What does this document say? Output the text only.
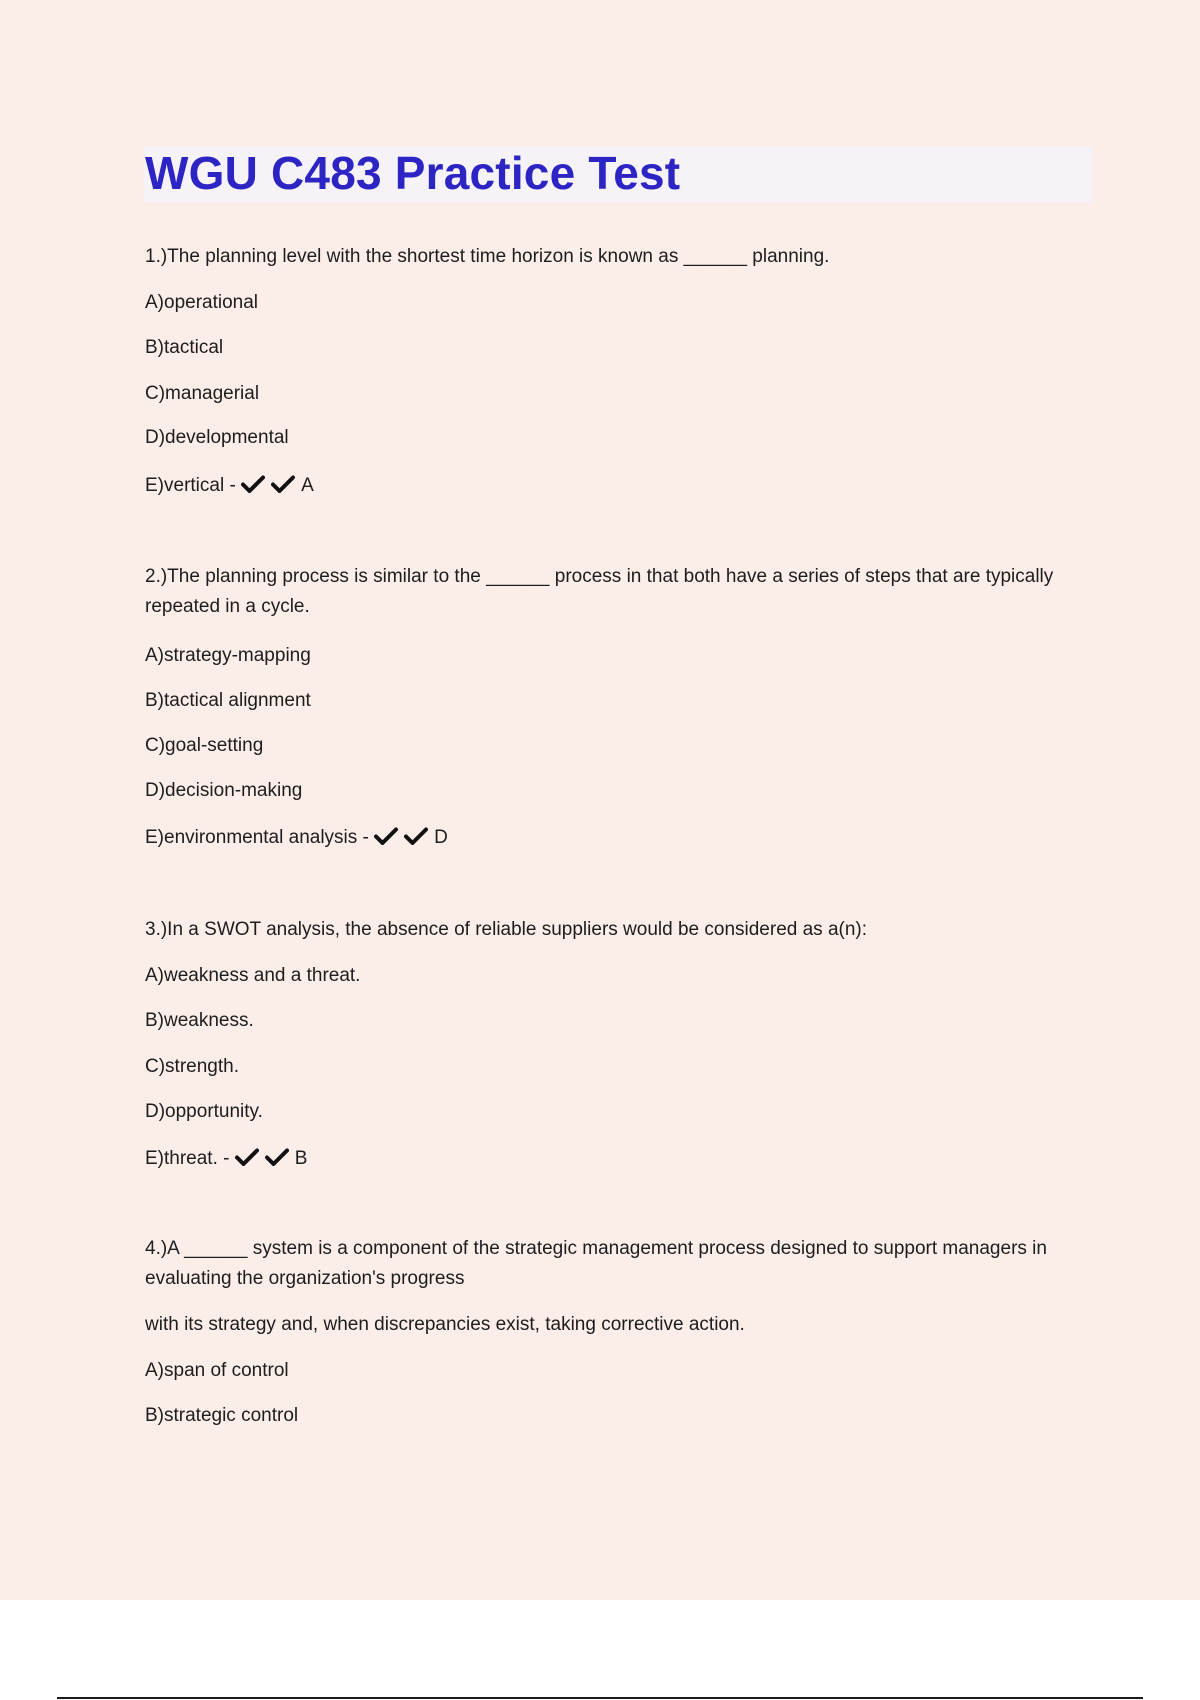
WGU C483 Practice Test

1.)The planning level with the shortest time horizon is known as ______ planning.

A)operational

B)tactical

C)managerial

D)developmental

E)vertical -	A

2.)The planning process is similar to the ______ process in that both have a series of steps that are typically repeated in a cycle.

A)strategy-mapping

B)tactical alignment

C)goal-setting

D)decision-making

E)environmental analysis -	D

3.)In a SWOT analysis, the absence of reliable suppliers would be considered as a(n):

A)weakness and a threat.

B)weakness.

C)strength.

D)opportunity.

E)threat. -	B

4.)A ______ system is a component of the strategic management process designed to support managers in evaluating the organization's progress

with its strategy and, when discrepancies exist, taking corrective action.

A)span of control

B)strategic control
